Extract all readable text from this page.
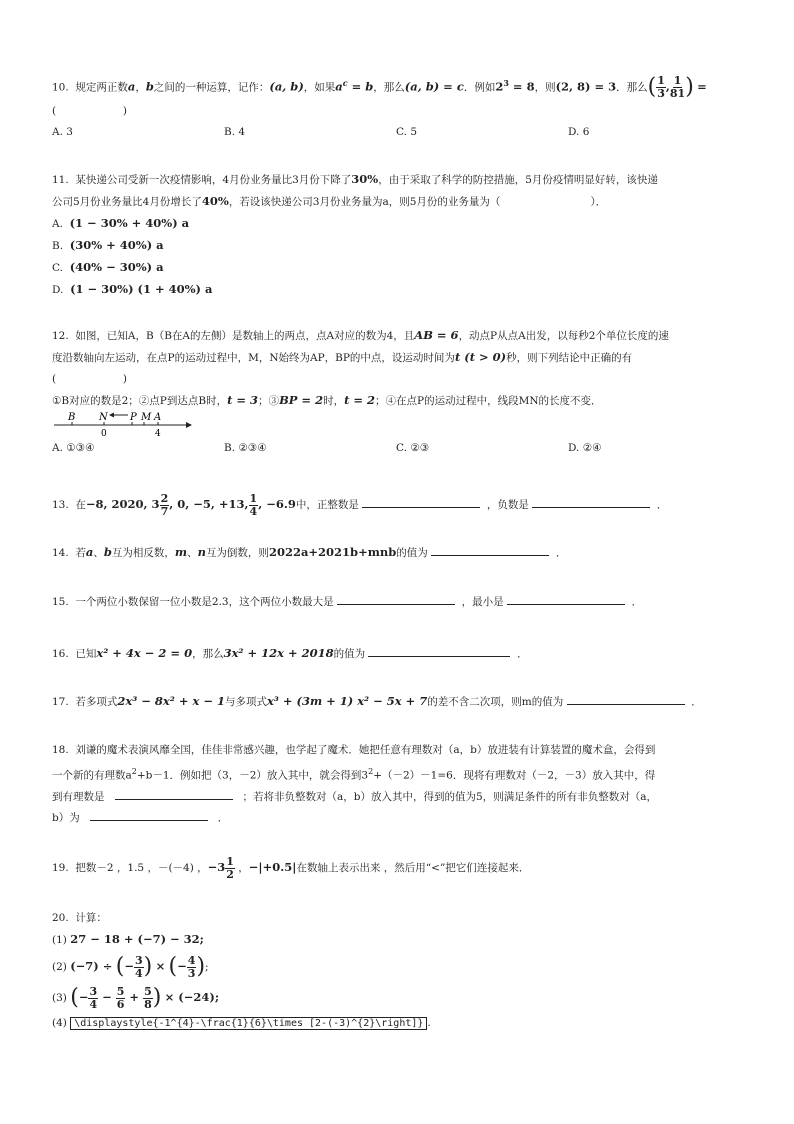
10. 规定两正数a，b之间的一种运算，记作：(a, b)，如果$a^c = b$，那么(a, b) = c．例如$2^3 = 8$，则(2, 8) = 3．那么( $\frac{1}{3}$ , $\frac{1}{81}$ ) =
(                    )
A. 3	B. 4	C. 5	D. 6
11. 某快递公司受新一次疫情影响，4月份业务量比3月份下降了30%，由于采取了科学的防控措施，5月份疫情明显好转，该快递
公司5月份业务量比4月份增长了40%，若设该快递公司3月份业务量为a，则5月份的业务量为（	）．
A. (1 − 30% + 40%) a
B. (30% + 40%) a
C. (40% − 30%) a
D. (1 − 30%) (1 + 40%) a
12. 如图，已知A，B（B在A的左侧）是数轴上的两点，点A对应的数为4，且AB = 6，动点P从点A出发，以每秒2个单位长度的速
度沿数轴向左运动，在点P的运动过程中，M，N始终为AP，BP的中点，设运动时间为t (t > 0)秒，则下列结论中正确的有
(                    )
①B对应的数是2；②点P到达点B时，t = 3；③BP = 2时，t = 2；④在点P的运动过程中，线段MN的长度不变．
B N P M A
0	4
A. ①③④	B. ②③④	C. ②③	D. ②④
13. 在−8, 2020, $3 \frac{2}{7}$ , 0, −5, +13, $\frac{1}{4}$ , −6.9中，正整数是	，负数是	．
14. 若a、b互为相反数，m、n互为倒数，则2022a+2021b+mnb的值为	．
15. 一个两位小数保留一位小数是2.3，这个两位小数最大是	，最小是	．
16. 已知x² + 4x − 2 = 0，那么3x² + 12x + 2018的值为	．
17. 若多项式2x³ − 8x² + x − 1与多项式x³ + (3m + 1) x² − 5x + 7的差不含二次项，则m的值为	．
18. 刘谦的魔术表演风靡全国，佳佳非常感兴趣，也学起了魔术．她把任意有理数对（a，b）放进装有计算装置的魔术盒，会得到
一个新的有理数$a^2+b-1$．例如把（3，－2）放入其中，就会得到$3^2+(-2)-1=6$．现将有理数对（－2，－3）放入其中，得
到有理数是	；若将非负整数对（a，b）放入其中，得到的值为5，则满足条件的所有非负整数对（a，
b）为	．
19. 把数－2 ，1.5 ，－(－4) ，$-3 \frac{1}{2}$ ，−|+0.5|在数轴上表示出来 ，然后用“<”把它们连接起来．
20. 计算：
(1) 27 − 18 + (−7) − 32;
(2) (−7) ÷ (− $\frac{3}{4}$ ) × (− $\frac{4}{3}$ );
(3) (− $\frac{3}{4} - \frac{5}{6} + \frac{5}{8}$ ) × (−24);
(4) \displaystyle{-1^{4}-\frac{1}{6}\times [2-(-3)^{2}\right]} .
